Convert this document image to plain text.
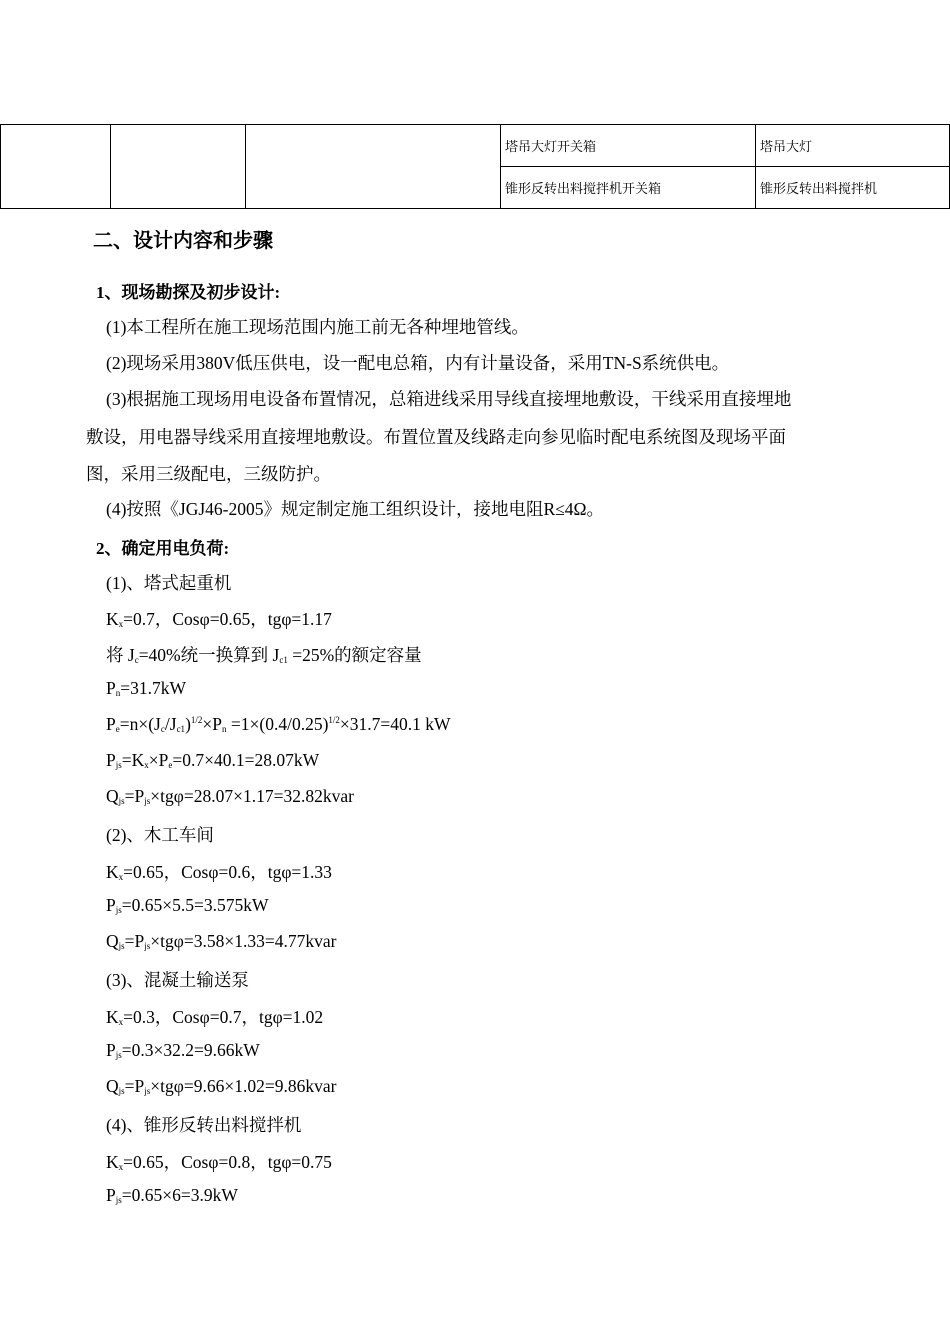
			塔吊大灯开关箱	塔吊大灯
			锥形反转出料搅拌机开关箱	锥形反转出料搅拌机
二、设计内容和步骤
1、现场勘探及初步设计:
(1)本工程所在施工现场范围内施工前无各种埋地管线。
(2)现场采用380V低压供电，设一配电总箱，内有计量设备，采用TN-S系统供电。
(3)根据施工现场用电设备布置情况，总箱进线采用导线直接埋地敷设，干线采用直接埋地
敷设，用电器导线采用直接埋地敷设。布置位置及线路走向参见临时配电系统图及现场平面
图，采用三级配电，三级防护。
(4)按照《JGJ46-2005》规定制定施工组织设计，接地电阻R≤4Ω。
2、确定用电负荷:
(1)、塔式起重机
$K_x=0.7$，Cosφ=0.65，tgφ=1.17
将 $J_c=40\%$统一换算到 $J_{c1} =25\%$的额定容量
$P_n=31.7kW$
$P_e=n\times(J_c/J_{c1})^{1/2}\times P_n =1\times(0.4/0.25)^{1/2}\times 31.7=40.1$ kW
$P_{js}=K_x\times P_e=0.7\times 40.1=28.07kW$
$Q_{js}=P_{js}\times tg\varphi=28.07\times 1.17=32.82kvar$
(2)、木工车间
$K_x=0.65$，Cosφ=0.6，tgφ=1.33
$P_{js}=0.65\times 5.5=3.575kW$
$Q_{js}=P_{js}\times tg\varphi=3.58\times 1.33=4.77kvar$
(3)、混凝土输送泵
$K_x=0.3$，Cosφ=0.7，tgφ=1.02
$P_{js}=0.3\times 32.2=9.66kW$
$Q_{js}=P_{js}\times tg\varphi=9.66\times 1.02=9.86kvar$
(4)、锥形反转出料搅拌机
$K_x=0.65$，Cosφ=0.8，tgφ=0.75
$P_{js}=0.65\times 6=3.9kW$
